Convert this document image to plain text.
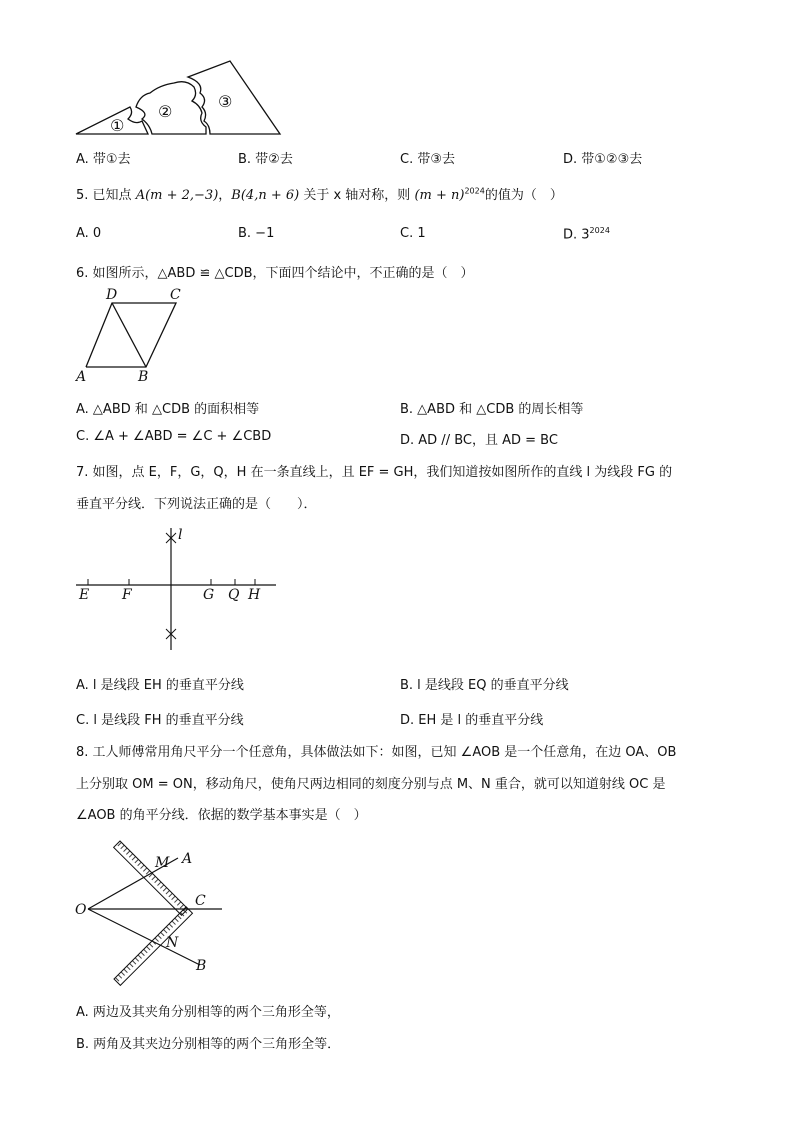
①
②
③
A. 带①去	B. 带②去	C. 带③去	D. 带①②③去
5. 已知点 A(m + 2,−3)，B(4,n + 6) 关于 x 轴对称，则 $(m + n)^{2024}$的值为（　）
A. 0	B. −1	C. 1	D. $3^{2024}$
6. 如图所示，△ABD ≌ △CDB，下面四个结论中，不正确的是（　）
D	C
A	B
A. △ABD 和 △CDB 的面积相等	B. △ABD 和 △CDB 的周长相等
C. ∠A + ∠ABD = ∠C + ∠CBD	D. AD // BC，且 AD = BC
7. 如图，点 E，F，G，Q，H 在一条直线上，且 EF = GH，我们知道按如图所作的直线 l 为线段 FG 的
垂直平分线．下列说法正确的是（　　）．
l
E F	G Q H
A. l 是线段 EH 的垂直平分线	B. l 是线段 EQ 的垂直平分线
C. l 是线段 FH 的垂直平分线	D. EH 是 l 的垂直平分线
8. 工人师傅常用角尺平分一个任意角，具体做法如下：如图，已知 ∠AOB 是一个任意角，在边 OA、OB
上分别取 OM = ON，移动角尺，使角尺两边相同的刻度分别与点 M、N 重合，就可以知道射线 OC 是
∠AOB 的角平分线．依据的数学基本事实是（　）
O
M A
C
N
B
A. 两边及其夹角分别相等的两个三角形全等，
B. 两角及其夹边分别相等的两个三角形全等．
